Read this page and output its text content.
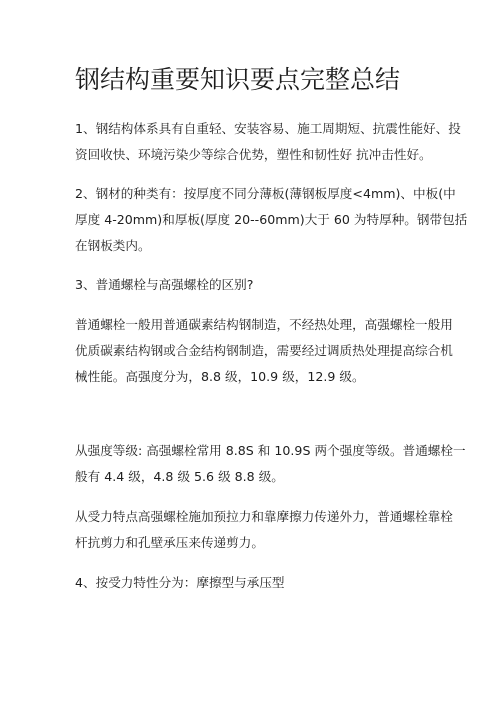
钢结构重要知识要点完整总结

1、钢结构体系具有自重轻、安装容易、施工周期短、抗震性能好、投
资回收快、环境污染少等综合优势，塑性和韧性好 抗冲击性好。

2、钢材的种类有：按厚度不同分薄板(薄钢板厚度<4mm)、中板(中
厚度 4-20mm)和厚板(厚度 20--60mm)大于 60 为特厚种。钢带包括
在钢板类内。

3、普通螺栓与高强螺栓的区别?

普通螺栓一般用普通碳素结构钢制造，不经热处理，高强螺栓一般用
优质碳素结构钢或合金结构钢制造，需要经过调质热处理提高综合机
械性能。高强度分为，8.8 级，10.9 级，12.9 级。

从强度等级: 高强螺栓常用 8.8S 和 10.9S 两个强度等级。普通螺栓一
般有 4.4 级，4.8 级 5.6 级 8.8 级。

从受力特点高强螺栓施加预拉力和靠摩擦力传递外力，普通螺栓靠栓
杆抗剪力和孔壁承压来传递剪力。

4、按受力特性分为：摩擦型与承压型
